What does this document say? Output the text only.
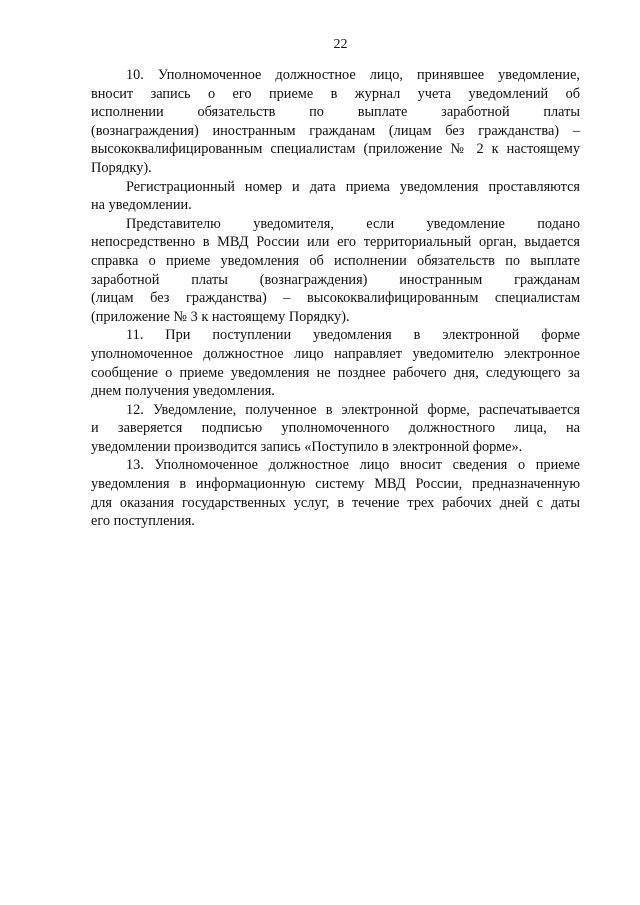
22
10. Уполномоченное должностное лицо, принявшее уведомление,
вносит запись о его приеме в журнал учета уведомлений об
исполнении обязательств по выплате заработной платы
(вознаграждения) иностранным гражданам (лицам без гражданства) –
высококвалифицированным специалистам (приложение № 2 к настоящему
Порядку).
Регистрационный номер и дата приема уведомления проставляются
на уведомлении.
Представителю уведомителя, если уведомление подано
непосредственно в МВД России или его территориальный орган, выдается
справка о приеме уведомления об исполнении обязательств по выплате
заработной платы (вознаграждения) иностранным гражданам
(лицам без гражданства) – высококвалифицированным специалистам
(приложение № 3 к настоящему Порядку).
11. При поступлении уведомления в электронной форме
уполномоченное должностное лицо направляет уведомителю электронное
сообщение о приеме уведомления не позднее рабочего дня, следующего за
днем получения уведомления.
12. Уведомление, полученное в электронной форме, распечатывается
и заверяется подписью уполномоченного должностного лица, на
уведомлении производится запись «Поступило в электронной форме».
13. Уполномоченное должностное лицо вносит сведения о приеме
уведомления в информационную систему МВД России, предназначенную
для оказания государственных услуг, в течение трех рабочих дней с даты
его поступления.
